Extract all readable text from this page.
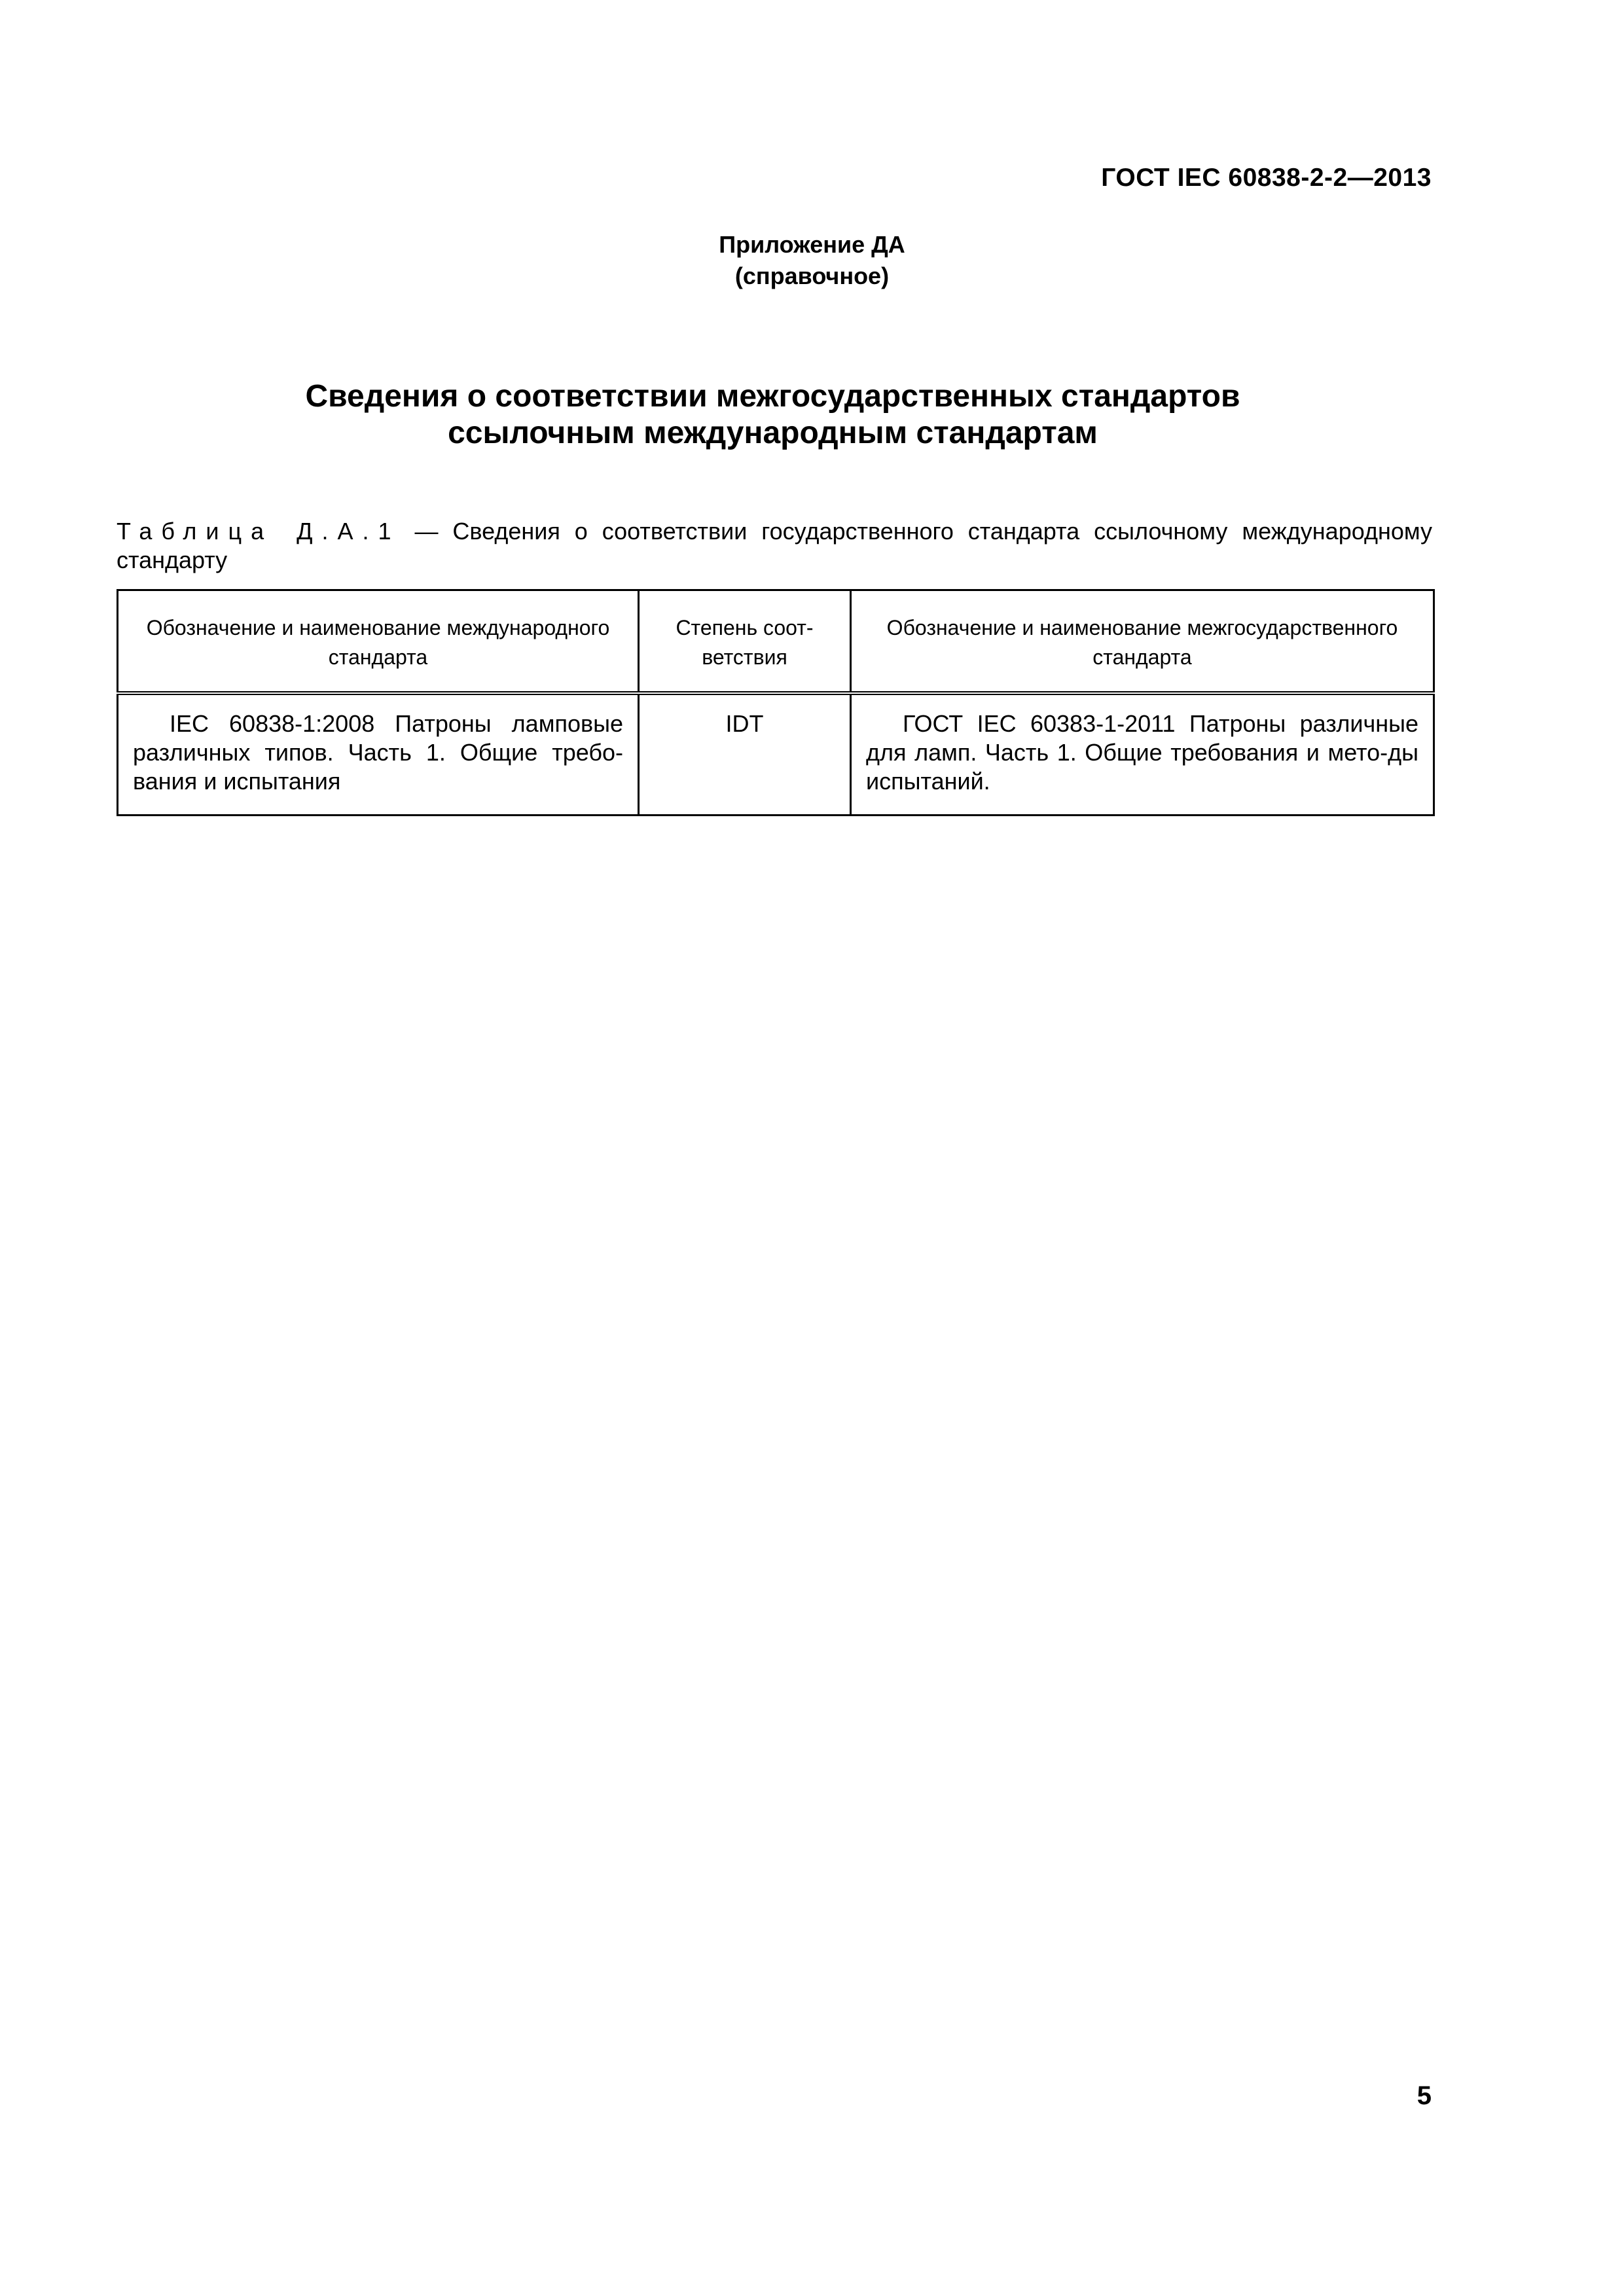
ГОСТ IEC 60838-2-2—2013
Приложение ДА
(справочное)
Сведения о соответствии межгосударственных стандартов
ссылочным международным стандартам
Таблица Д.А.1 — Сведения о соответствии государственного стандарта ссылочному международному стандарту
Обозначение и наименование международного стандарта	Степень соот-ветствия	Обозначение и наименование межгосударственного стандарта
IEC 60838-1:2008 Патроны ламповые различных типов. Часть 1. Общие требо-вания и испытания	IDT	ГОСТ IEC 60383-1-2011 Патроны различные для ламп. Часть 1. Общие требования и мето-ды испытаний.
5
